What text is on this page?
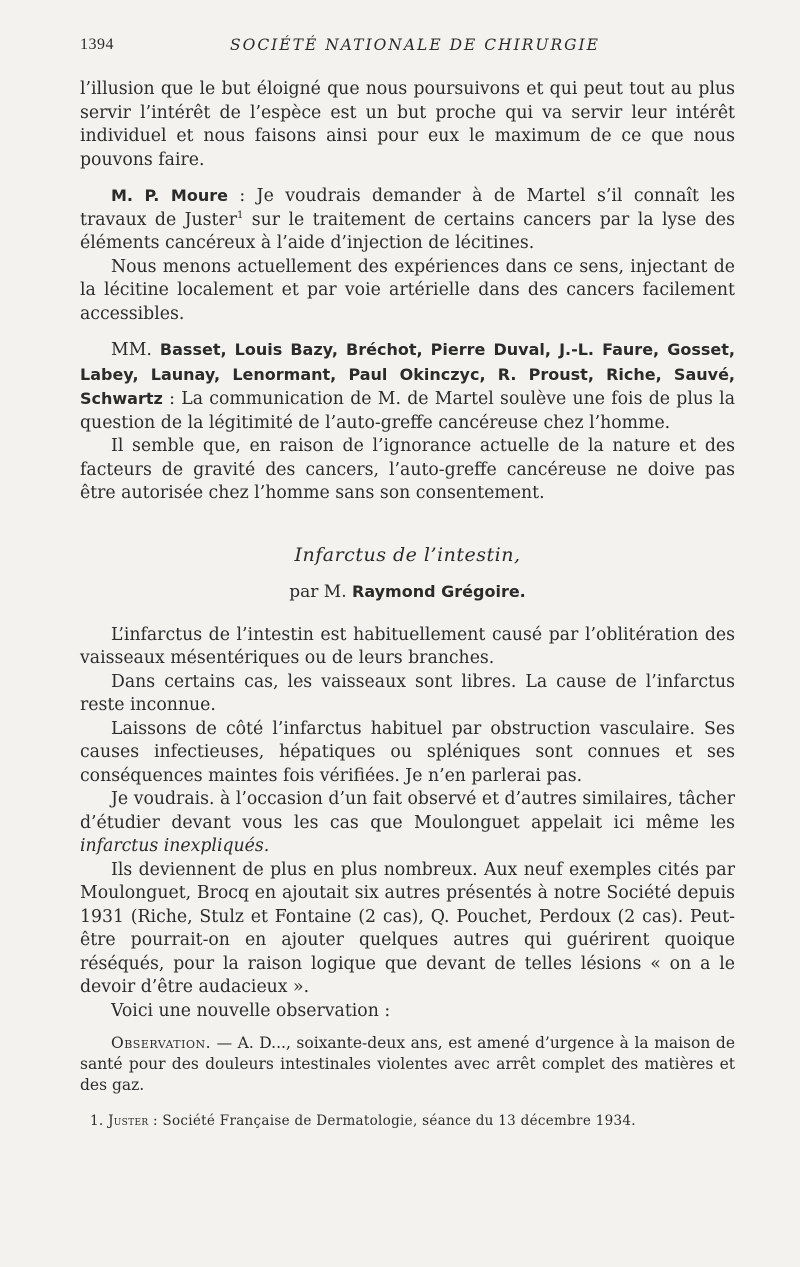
1394	SOCIÉTÉ NATIONALE DE CHIRURGIE

l’illusion que le but éloigné que nous poursuivons et qui peut tout au plus servir l’intérêt de l’espèce est un but proche qui va servir leur intérêt individuel et nous faisons ainsi pour eux le maximum de ce que nous pouvons faire.

M. P. Moure : Je voudrais demander à de Martel s’il connaît les travaux de Juster$^1$ sur le traitement de certains cancers par la lyse des éléments cancéreux à l’aide d’injection de lécitines.

Nous menons actuellement des expériences dans ce sens, injectant de la lécitine localement et par voie artérielle dans des cancers facilement accessibles.

MM. Basset, Louis Bazy, Bréchot, Pierre Duval, J.-L. Faure, Gosset, Labey, Launay, Lenormant, Paul Okinczyc, R. Proust, Riche, Sauvé, Schwartz : La communication de M. de Martel soulève une fois de plus la question de la légitimité de l’auto-greffe cancéreuse chez l’homme.

Il semble que, en raison de l’ignorance actuelle de la nature et des facteurs de gravité des cancers, l’auto-greffe cancéreuse ne doive pas être autorisée chez l’homme sans son consentement.

Infarctus de l’intestin,
par M. Raymond Grégoire.

L’infarctus de l’intestin est habituellement causé par l’oblitération des vaisseaux mésentériques ou de leurs branches.

Dans certains cas, les vaisseaux sont libres. La cause de l’infarctus reste inconnue.

Laissons de côté l’infarctus habituel par obstruction vasculaire. Ses causes infectieuses, hépatiques ou spléniques sont connues et ses conséquences maintes fois vérifiées. Je n’en parlerai pas.

Je voudrais. à l’occasion d’un fait observé et d’autres similaires, tâcher d’étudier devant vous les cas que Moulonguet appelait ici même les infarctus inexpliqués.

Ils deviennent de plus en plus nombreux. Aux neuf exemples cités par Moulonguet, Brocq en ajoutait six autres présentés à notre Société depuis 1931 (Riche, Stulz et Fontaine (2 cas), Q. Pouchet, Perdoux (2 cas). Peut-être pourrait-on en ajouter quelques autres qui guérirent quoique réséqués, pour la raison logique que devant de telles lésions « on a le devoir d’être audacieux ».

Voici une nouvelle observation :

Observation. — A. D..., soixante-deux ans, est amené d’urgence à la maison de santé pour des douleurs intestinales violentes avec arrêt complet des matières et des gaz.

1. Juster : Société Française de Dermatologie, séance du 13 décembre 1934.
